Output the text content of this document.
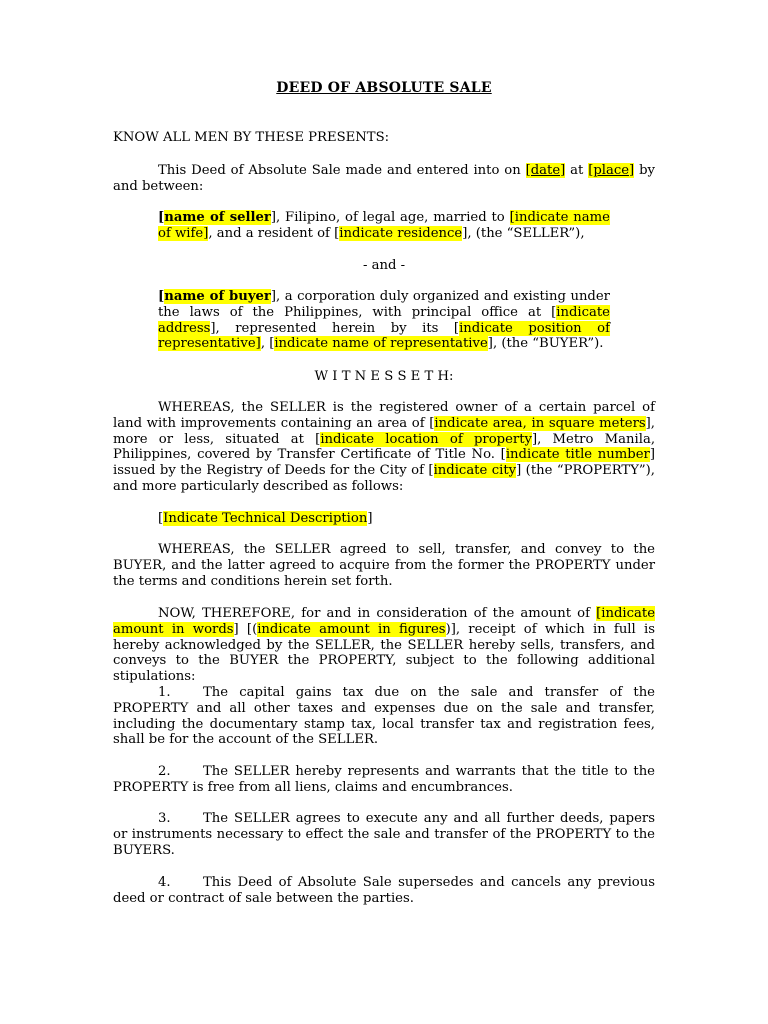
DEED OF ABSOLUTE SALE
KNOW ALL MEN BY THESE PRESENTS:
This Deed of Absolute Sale made and entered into on [date] at [place] by and between:
[name of seller], Filipino, of legal age, married to [indicate name of wife], and a resident of [indicate residence], (the “SELLER”),
- and -
[name of buyer], a corporation duly organized and existing under the laws of the Philippines, with principal office at [indicate address], represented herein by its [indicate position of representative], [indicate name of representative], (the “BUYER”).
W I T N E S S E T H:
WHEREAS, the SELLER is the registered owner of a certain parcel of land with improvements containing an area of [indicate area, in square meters], more or less, situated at [indicate location of property], Metro Manila, Philippines, covered by Transfer Certificate of Title No. [indicate title number] issued by the Registry of Deeds for the City of [indicate city] (the “PROPERTY”), and more particularly described as follows:
[Indicate Technical Description]
WHEREAS, the SELLER agreed to sell, transfer, and convey to the BUYER, and the latter agreed to acquire from the former the PROPERTY under the terms and conditions herein set forth.
NOW, THEREFORE, for and in consideration of the amount of [indicate amount in words] [(indicate amount in figures)], receipt of which in full is hereby acknowledged by the SELLER, the SELLER hereby sells, transfers, and conveys to the BUYER the PROPERTY, subject to the following additional stipulations:
1. The capital gains tax due on the sale and transfer of the PROPERTY and all other taxes and expenses due on the sale and transfer, including the documentary stamp tax, local transfer tax and registration fees, shall be for the account of the SELLER.
2. The SELLER hereby represents and warrants that the title to the PROPERTY is free from all liens, claims and encumbrances.
3. The SELLER agrees to execute any and all further deeds, papers or instruments necessary to effect the sale and transfer of the PROPERTY to the BUYERS.
4. This Deed of Absolute Sale supersedes and cancels any previous deed or contract of sale between the parties.
